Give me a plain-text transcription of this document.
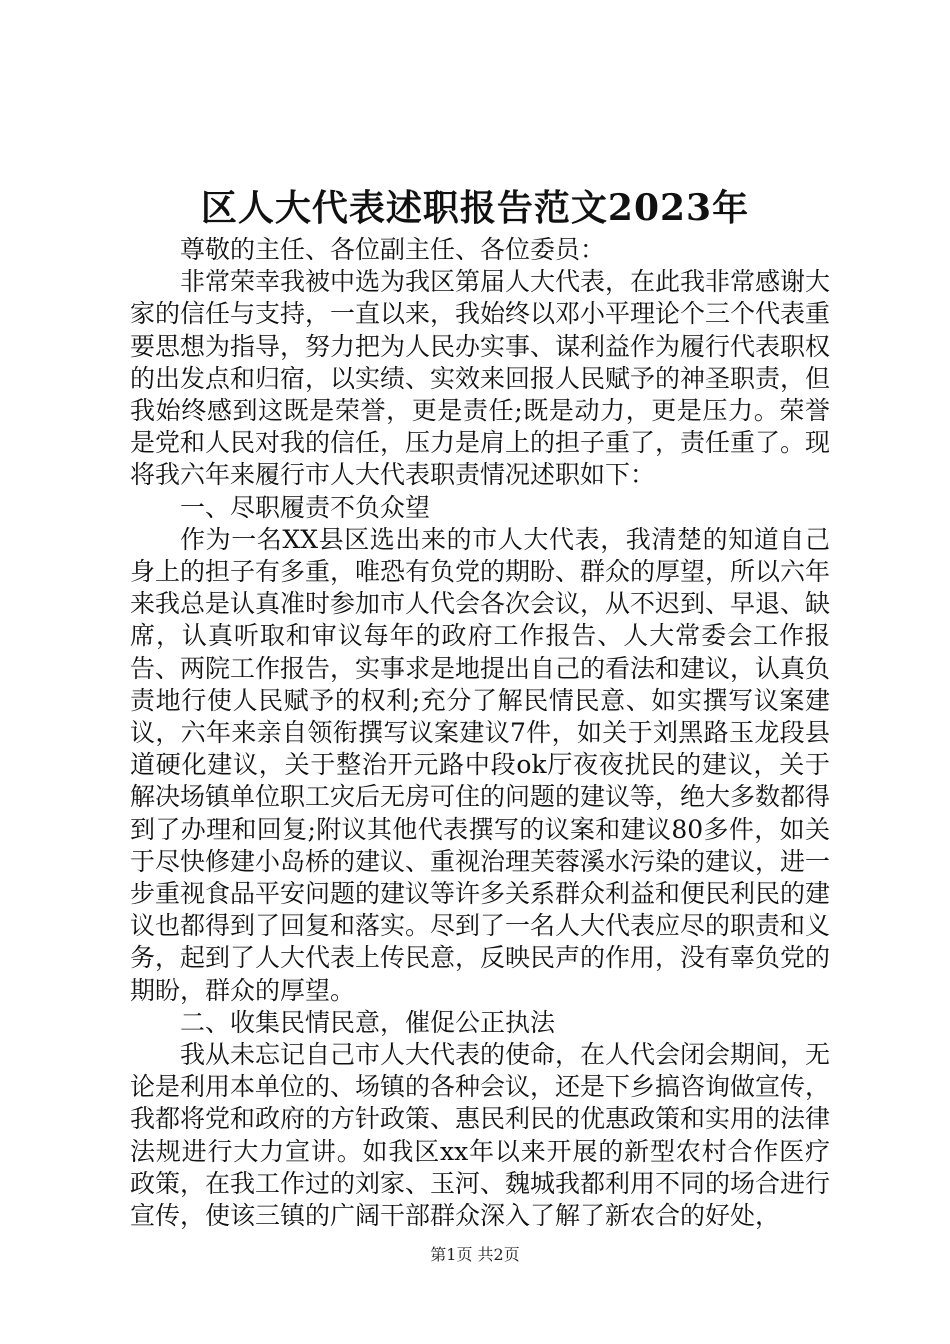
区人大代表述职报告范文2023年

尊敬的主任、各位副主任、各位委员：

非常荣幸我被中选为我区第届人大代表，在此我非常感谢大家的信任与支持，一直以来，我始终以邓小平理论个三个代表重要思想为指导，努力把为人民办实事、谋利益作为履行代表职权的出发点和归宿，以实绩、实效来回报人民赋予的神圣职责，但我始终感到这既是荣誉，更是责任;既是动力，更是压力。荣誉是党和人民对我的信任，压力是肩上的担子重了，责任重了。现将我六年来履行市人大代表职责情况述职如下：

一、尽职履责不负众望

作为一名XX县区选出来的市人大代表，我清楚的知道自己身上的担子有多重，唯恐有负党的期盼、群众的厚望，所以六年来我总是认真准时参加市人代会各次会议，从不迟到、早退、缺席，认真听取和审议每年的政府工作报告、人大常委会工作报告、两院工作报告，实事求是地提出自己的看法和建议，认真负责地行使人民赋予的权利;充分了解民情民意、如实撰写议案建议，六年来亲自领衔撰写议案建议7件，如关于刘黑路玉龙段县道硬化建议，关于整治开元路中段ok厅夜夜扰民的建议，关于解决场镇单位职工灾后无房可住的问题的建议等，绝大多数都得到了办理和回复;附议其他代表撰写的议案和建议80多件，如关于尽快修建小岛桥的建议、重视治理芙蓉溪水污染的建议，进一步重视食品平安问题的建议等许多关系群众利益和便民利民的建议也都得到了回复和落实。尽到了一名人大代表应尽的职责和义务，起到了人大代表上传民意，反映民声的作用，没有辜负党的期盼，群众的厚望。

二、收集民情民意，催促公正执法

我从未忘记自己市人大代表的使命，在人代会闭会期间，无论是利用本单位的、场镇的各种会议，还是下乡搞咨询做宣传，我都将党和政府的方针政策、惠民利民的优惠政策和实用的法律法规进行大力宣讲。如我区xx年以来开展的新型农村合作医疗政策，在我工作过的刘家、玉河、魏城我都利用不同的场合进行宣传，使该三镇的广阔干部群众深入了解了新农合的好处，

第1页 共2页
